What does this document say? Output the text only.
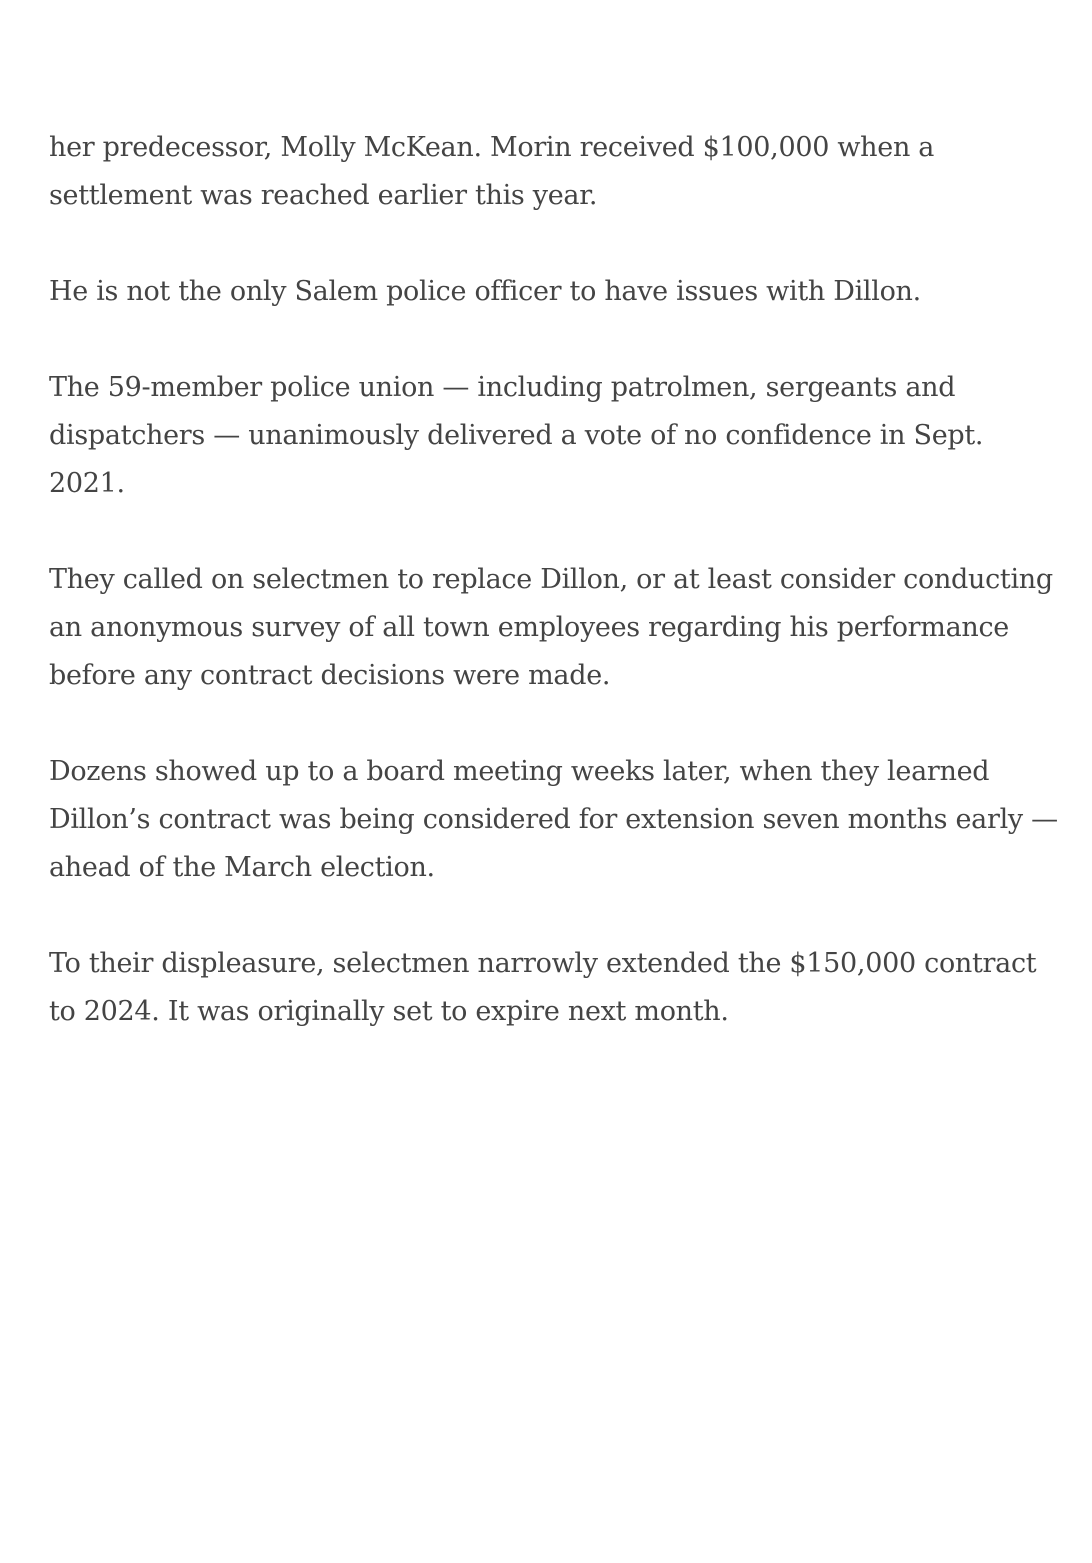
her predecessor, Molly McKean. Morin received $100,000 when a settlement was reached earlier this year.

He is not the only Salem police officer to have issues with Dillon.

The 59-member police union — including patrolmen, sergeants and dispatchers — unanimously delivered a vote of no confidence in Sept. 2021.

They called on selectmen to replace Dillon, or at least consider conducting an anonymous survey of all town employees regarding his performance before any contract decisions were made.

Dozens showed up to a board meeting weeks later, when they learned Dillon’s contract was being considered for extension seven months early — ahead of the March election.

To their displeasure, selectmen narrowly extended the $150,000 contract to 2024. It was originally set to expire next month.
